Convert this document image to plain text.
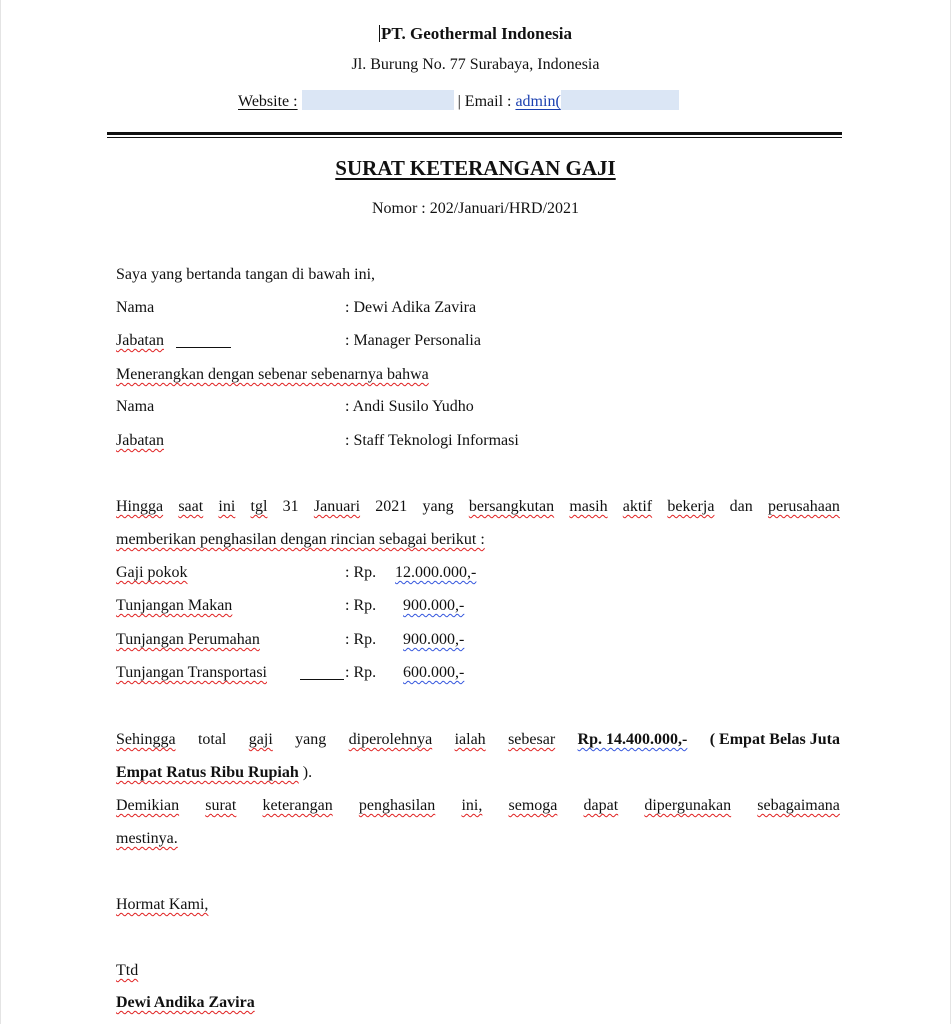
PT. Geothermal Indonesia
Jl. Burung No. 77 Surabaya, Indonesia
Website :	| Email : admin(
SURAT KETERANGAN GAJI
Nomor : 202/Januari/HRD/2021
Saya yang bertanda tangan di bawah ini,
Nama	: Dewi Adika Zavira
Jabatan	: Manager Personalia
Menerangkan dengan sebenar sebenarnya bahwa
Nama	: Andi Susilo Yudho
Jabatan	: Staff Teknologi Informasi
Hingga saat ini tgl 31 Januari 2021 yang bersangkutan masih aktif bekerja dan perusahaan
memberikan penghasilan dengan rincian sebagai berikut :
Gaji pokok	: Rp. 12.000.000,-
Tunjangan Makan	: Rp. 900.000,-
Tunjangan Perumahan	: Rp. 900.000,-
Tunjangan Transportasi	: Rp. 600.000,-
Sehingga total gaji yang diperolehnya ialah sebesar Rp. 14.400.000,- ( Empat Belas Juta
Empat Ratus Ribu Rupiah ).
Demikian surat keterangan penghasilan ini, semoga dapat dipergunakan sebagaimana
mestinya.
Hormat Kami,
Ttd
Dewi Andika Zavira
